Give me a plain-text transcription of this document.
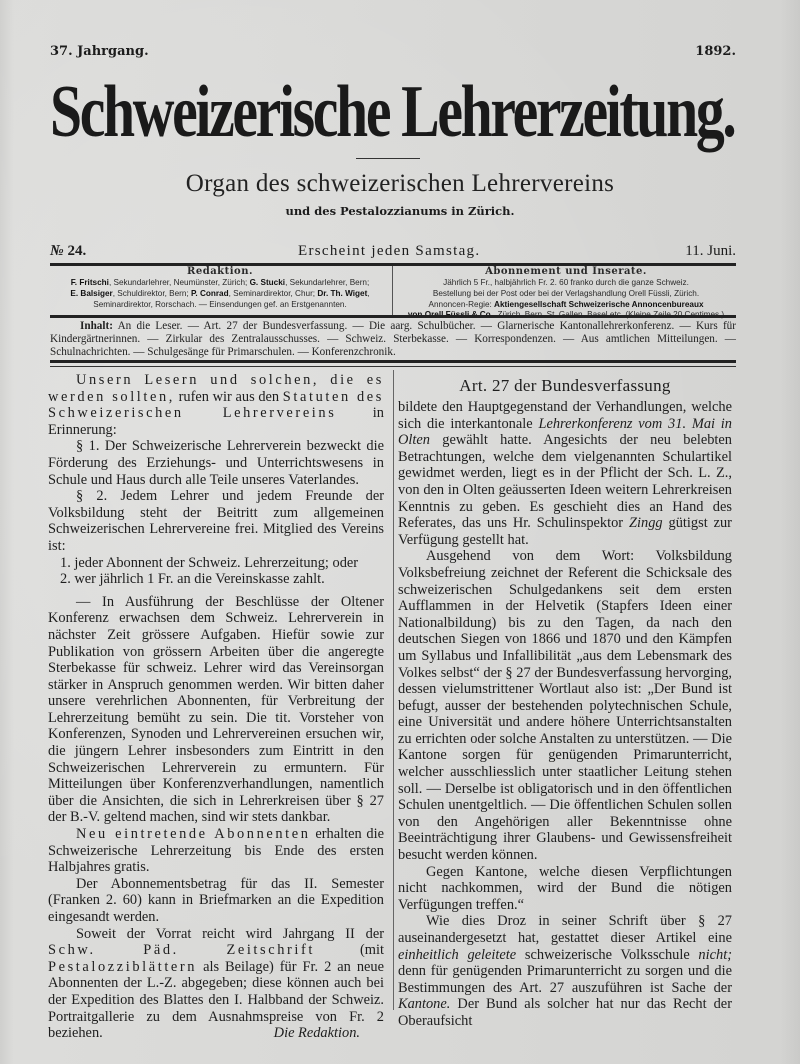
37. Jahrgang.	1892.
Schweizerische Lehrerzeitung.
Organ des schweizerischen Lehrervereins
und des Pestalozzianums in Zürich.
№ 24.	Erscheint jeden Samstag.	11. Juni.
Redaktion.
F. Fritschi, Sekundarlehrer, Neumünster, Zürich; G. Stucki, Sekundarlehrer, Bern;
E. Balsiger, Schuldirektor, Bern; P. Conrad, Seminardirektor, Chur; Dr. Th. Wiget,
Seminardirektor, Rorschach. — Einsendungen gef. an Erstgenannten.
Abonnement und Inserate.
Jährlich 5 Fr., halbjährlich Fr. 2. 60 franko durch die ganze Schweiz.
Bestellung bei der Post oder bei der Verlagshandlung Orell Füssli, Zürich.
Annoncen-Regie: Aktiengesellschaft Schweizerische Annoncenbureaux
Inhalt: An die Leser. — Art. 27 der Bundesverfassung. — Die aarg. Schulbücher. — Glarnerische Kantonallehrerkonferenz. — Kurs für Kindergärtnerinnen. — Zirkular des Zentralausschusses. — Schweiz. Sterbekasse. — Korrespondenzen. — Aus amtlichen Mitteilungen. — Schulnachrichten. — Schulgesänge für Primarschulen. — Konferenzchronik.

Unsern Lesern und solchen, die es werden sollten, rufen wir aus den Statuten des Schweizerischen Lehrervereins in Erinnerung:

§ 1. Der Schweizerische Lehrerverein bezweckt die Förderung des Erziehungs- und Unterrichtswesens in Schule und Haus durch alle Teile unseres Vaterlandes.

§ 2. Jedem Lehrer und jedem Freunde der Volksbildung steht der Beitritt zum allgemeinen Schweizerischen Lehrervereine frei. Mitglied des Vereins ist:

1. jeder Abonnent der Schweiz. Lehrerzeitung; oder

2. wer jährlich 1 Fr. an die Vereinskasse zahlt.

— In Ausführung der Beschlüsse der Oltener Konferenz erwachsen dem Schweiz. Lehrerverein in nächster Zeit grössere Aufgaben. Hiefür sowie zur Publikation von grössern Arbeiten über die angeregte Sterbekasse für schweiz. Lehrer wird das Vereinsorgan stärker in Anspruch genommen werden. Wir bitten daher unsere verehrlichen Abonnenten, für Verbreitung der Lehrerzeitung bemüht zu sein. Die tit. Vorsteher von Konferenzen, Synoden und Lehrervereinen ersuchen wir, die jüngern Lehrer insbesonders zum Eintritt in den Schweizerischen Lehrerverein zu ermuntern. Für Mitteilungen über Konferenzverhandlungen, namentlich über die Ansichten, die sich in Lehrerkreisen über § 27 der B.-V. geltend machen, sind wir stets dankbar.

Neu eintretende Abonnenten erhalten die Schweizerische Lehrerzeitung bis Ende des ersten Halbjahres gratis.

Der Abonnementsbetrag für das II. Semester (Franken 2. 60) kann in Briefmarken an die Expedition eingesandt werden.

Soweit der Vorrat reicht wird Jahrgang II der Schw. Päd. Zeitschrift (mit Pestalozziblättern als Beilage) für Fr. 2 an neue Abonnenten der L.-Z. abgegeben; diese können auch bei der Expedition des Blattes den I. Halbband der Schweiz. Portraitgallerie zu dem Ausnahmspreise von Fr. 2 beziehen.	Die Redaktion.

Art. 27 der Bundesverfassung

bildete den Hauptgegenstand der Verhandlungen, welche sich die interkantonale Lehrerkonferenz vom 31. Mai in Olten gewählt hatte. Angesichts der neu belebten Betrachtungen, welche dem vielgenannten Schulartikel gewidmet werden, liegt es in der Pflicht der Sch. L. Z., von den in Olten geäusserten Ideen weitern Lehrerkreisen Kenntnis zu geben. Es geschieht dies an Hand des Referates, das uns Hr. Schulinspektor Zingg gütigst zur Verfügung gestellt hat.

Ausgehend von dem Wort: Volksbildung Volksbefreiung zeichnet der Referent die Schicksale des schweizerischen Schulgedankens seit dem ersten Aufflammen in der Helvetik (Stapfers Ideen einer Nationalbildung) bis zu den Tagen, da nach den deutschen Siegen von 1866 und 1870 und den Kämpfen um Syllabus und Infallibilität „aus dem Lebensmark des Volkes selbst“ der § 27 der Bundesverfassung hervorging, dessen vielumstrittener Wortlaut also ist: „Der Bund ist befugt, ausser der bestehenden polytechnischen Schule, eine Universität und andere höhere Unterrichtsanstalten zu errichten oder solche Anstalten zu unterstützen. — Die Kantone sorgen für genügenden Primarunterricht, welcher ausschliesslich unter staatlicher Leitung stehen soll. — Derselbe ist obligatorisch und in den öffentlichen Schulen unentgeltlich. — Die öffentlichen Schulen sollen von den Angehörigen aller Bekenntnisse ohne Beeinträchtigung ihrer Glaubens- und Gewissensfreiheit besucht werden können.

Gegen Kantone, welche diesen Verpflichtungen nicht nachkommen, wird der Bund die nötigen Verfügungen treffen.“

Wie dies Droz in seiner Schrift über § 27 auseinandergesetzt hat, gestattet dieser Artikel eine einheitlich geleitete schweizerische Volksschule nicht; denn für genügenden Primarunterricht zu sorgen und die Bestimmungen des Art. 27 auszuführen ist Sache der Kantone. Der Bund als solcher hat nur das Recht der Oberaufsicht
